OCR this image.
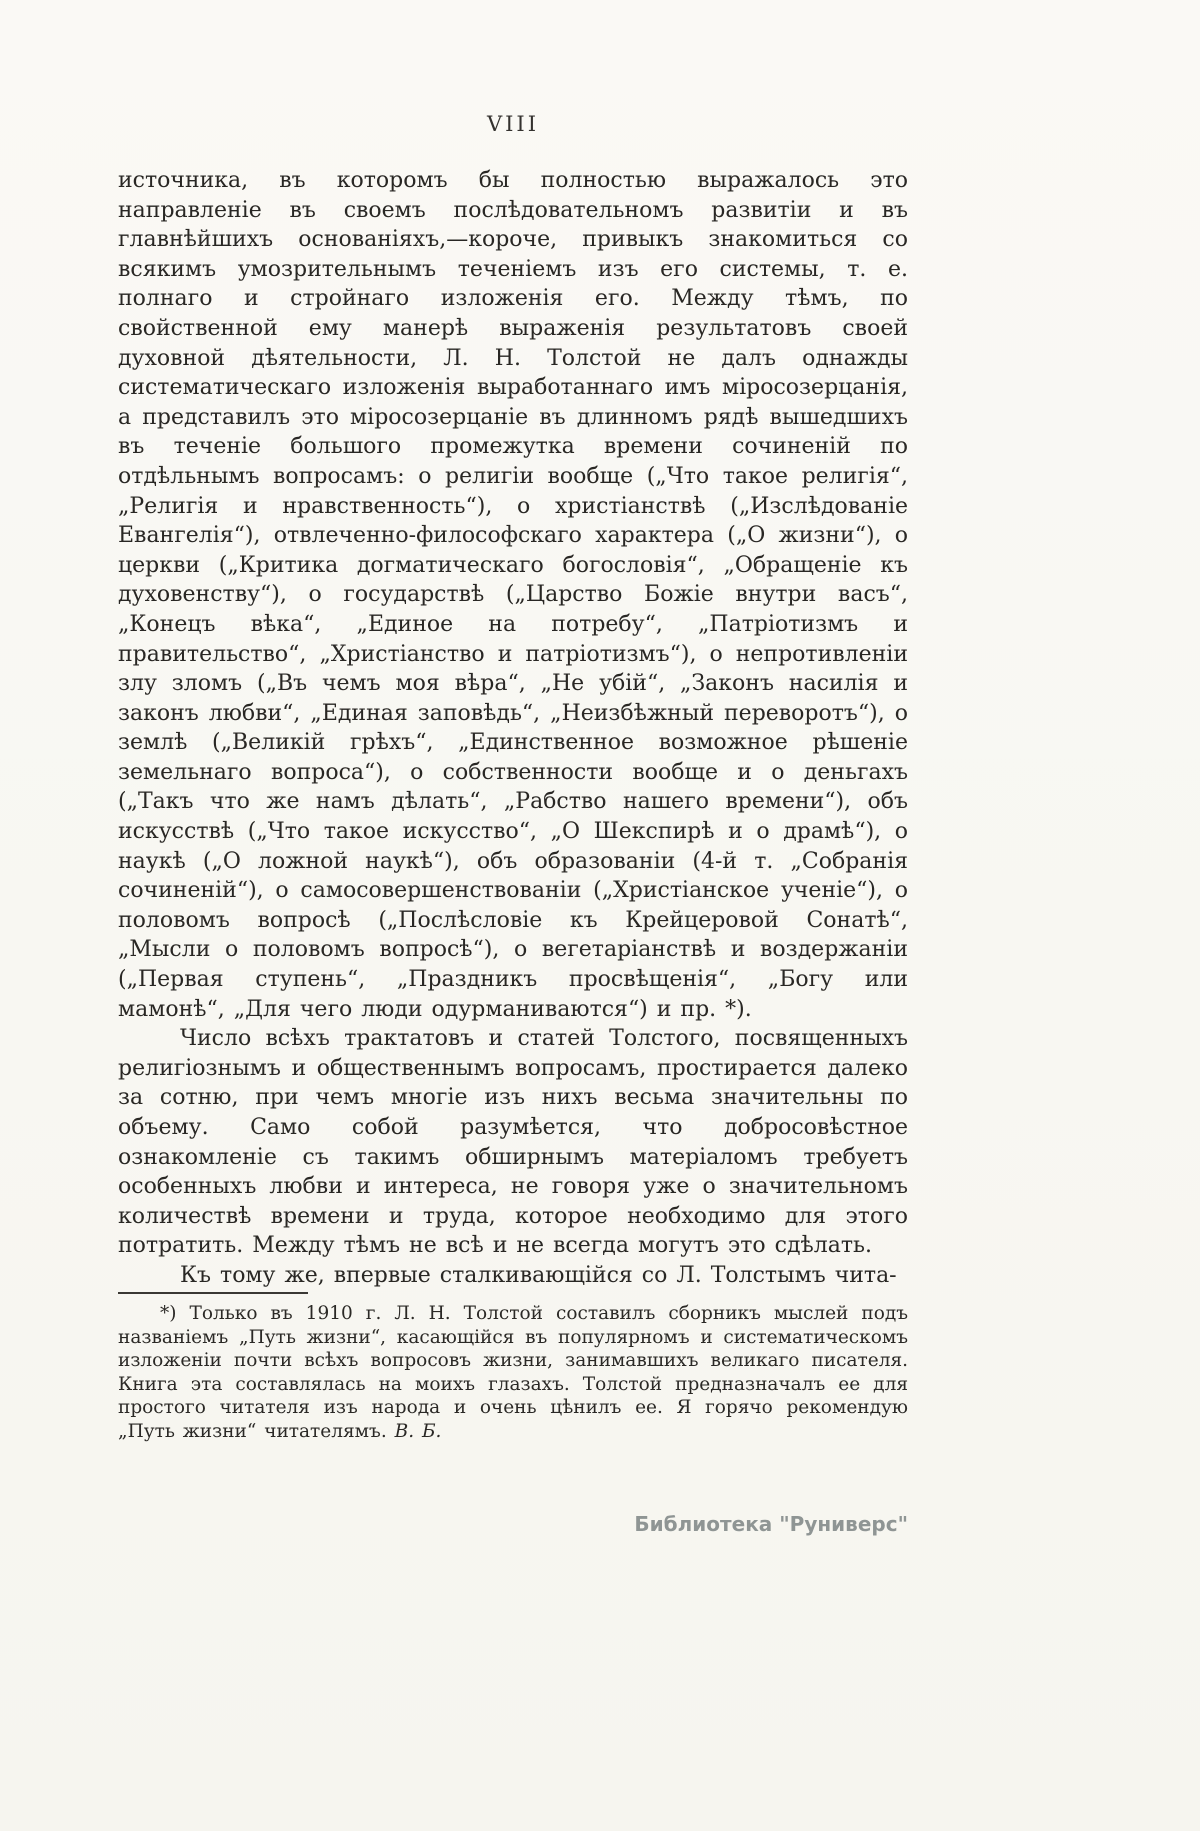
VIII

источника, въ которомъ бы полностью выражалось это направленіе въ своемъ послѣдовательномъ развитіи и въ главнѣйшихъ основаніяхъ,—короче, привыкъ знакомиться со всякимъ умозрительнымъ теченіемъ изъ его системы, т. е. полнаго и стройнаго изложенія его. Между тѣмъ, по свойственной ему манерѣ выраженія результатовъ своей духовной дѣятельности, Л. Н. Толстой не далъ однажды систематическаго изложенія выработаннаго имъ міросозерцанія, а представилъ это міросозерцаніе въ длинномъ рядѣ вышедшихъ въ теченіе большого промежутка времени сочиненій по отдѣльнымъ вопросамъ: о религіи вообще („Что такое религія“, „Религія и нравственность“), о христіанствѣ („Изслѣдованіе Евангелія“), отвлеченно-философскаго характера („О жизни“), о церкви („Критика догматическаго богословія“, „Обращеніе къ духовенству“), о государствѣ („Царство Божіе внутри васъ“, „Конецъ вѣка“, „Единое на потребу“, „Патріотизмъ и правительство“, „Христіанство и патріотизмъ“), о непротивленіи злу зломъ („Въ чемъ моя вѣра“, „Не убій“, „Законъ насилія и законъ любви“, „Единая заповѣдь“, „Неизбѣжный переворотъ“), о землѣ („Великій грѣхъ“, „Единственное возможное рѣшеніе земельнаго вопроса“), о собственности вообще и о деньгахъ („Такъ что же намъ дѣлать“, „Рабство нашего времени“), объ искусствѣ („Что такое искусство“, „О Шекспирѣ и о драмѣ“), о наукѣ („О ложной наукѣ“), объ образованіи (4-й т. „Собранія сочиненій“), о самосовершенствованіи („Христіанское ученіе“), о половомъ вопросѣ („Послѣсловіе къ Крейцеровой Сонатѣ“, „Мысли о половомъ вопросѣ“), о вегетаріанствѣ и воздержаніи („Первая ступень“, „Праздникъ просвѣщенія“, „Богу или мамонѣ“, „Для чего люди одурманиваются“) и пр. *).

Число всѣхъ трактатовъ и статей Толстого, посвященныхъ религіознымъ и общественнымъ вопросамъ, простирается далеко за сотню, при чемъ многіе изъ нихъ весьма значительны по объему. Само собой разумѣется, что добросовѣстное ознакомленіе съ такимъ обширнымъ матеріаломъ требуетъ особенныхъ любви и интереса, не говоря уже о значительномъ количествѣ времени и труда, которое необходимо для этого потратить. Между тѣмъ не всѣ и не всегда могутъ это сдѣлать.

Къ тому же, впервые сталкивающійся со Л. Толстымъ чита-

*) Только въ 1910 г. Л. Н. Толстой составилъ сборникъ мыслей подъ названіемъ „Путь жизни“, касающійся въ популярномъ и систематическомъ изложеніи почти всѣхъ вопросовъ жизни, занимавшихъ великаго писателя. Книга эта составлялась на моихъ глазахъ. Толстой предназначалъ ее для простого читателя изъ народа и очень цѣнилъ ее. Я горячо рекомендую „Путь жизни“ читателямъ. В. Б.

Библиотека "Руниверс"
